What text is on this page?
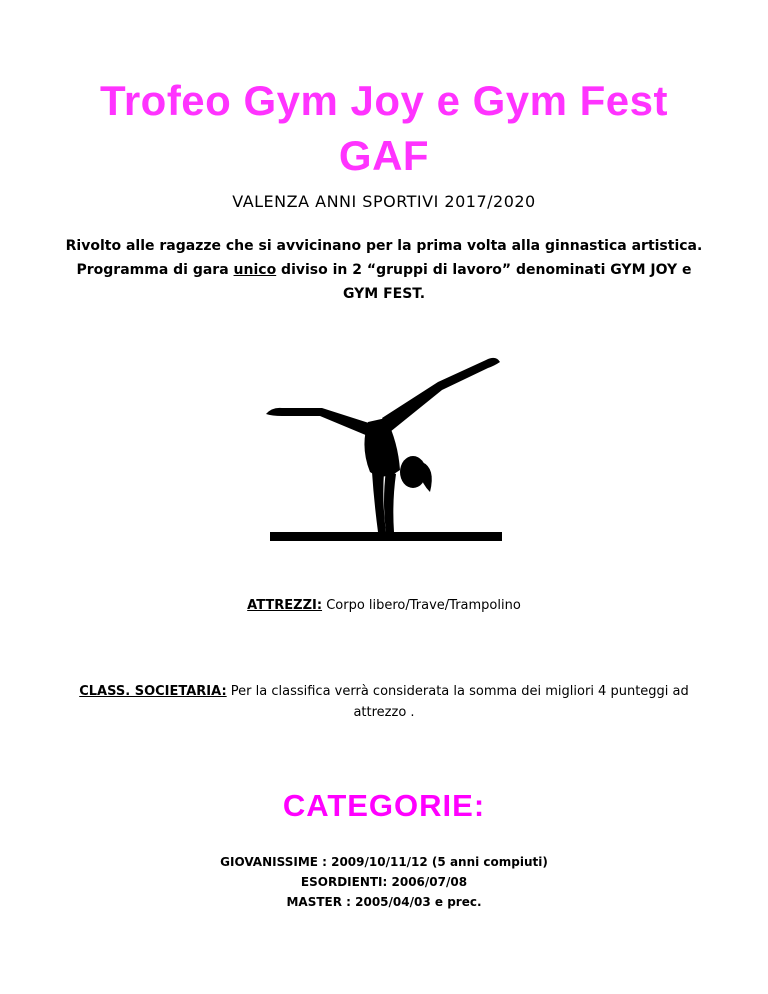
Trofeo Gym Joy e Gym Fest
GAF

VALENZA ANNI SPORTIVI 2017/2020

Rivolto alle ragazze che si avvicinano per la prima volta alla ginnastica artistica. Programma di gara unico diviso in 2 “gruppi di lavoro” denominati GYM JOY e GYM FEST.

ATTREZZI: Corpo libero/Trave/Trampolino

CLASS. SOCIETARIA: Per la classifica verrà considerata la somma dei migliori 4 punteggi ad attrezzo .

CATEGORIE:
GIOVANISSIME : 2009/10/11/12 (5 anni compiuti)
ESORDIENTI: 2006/07/08
MASTER : 2005/04/03 e prec.
